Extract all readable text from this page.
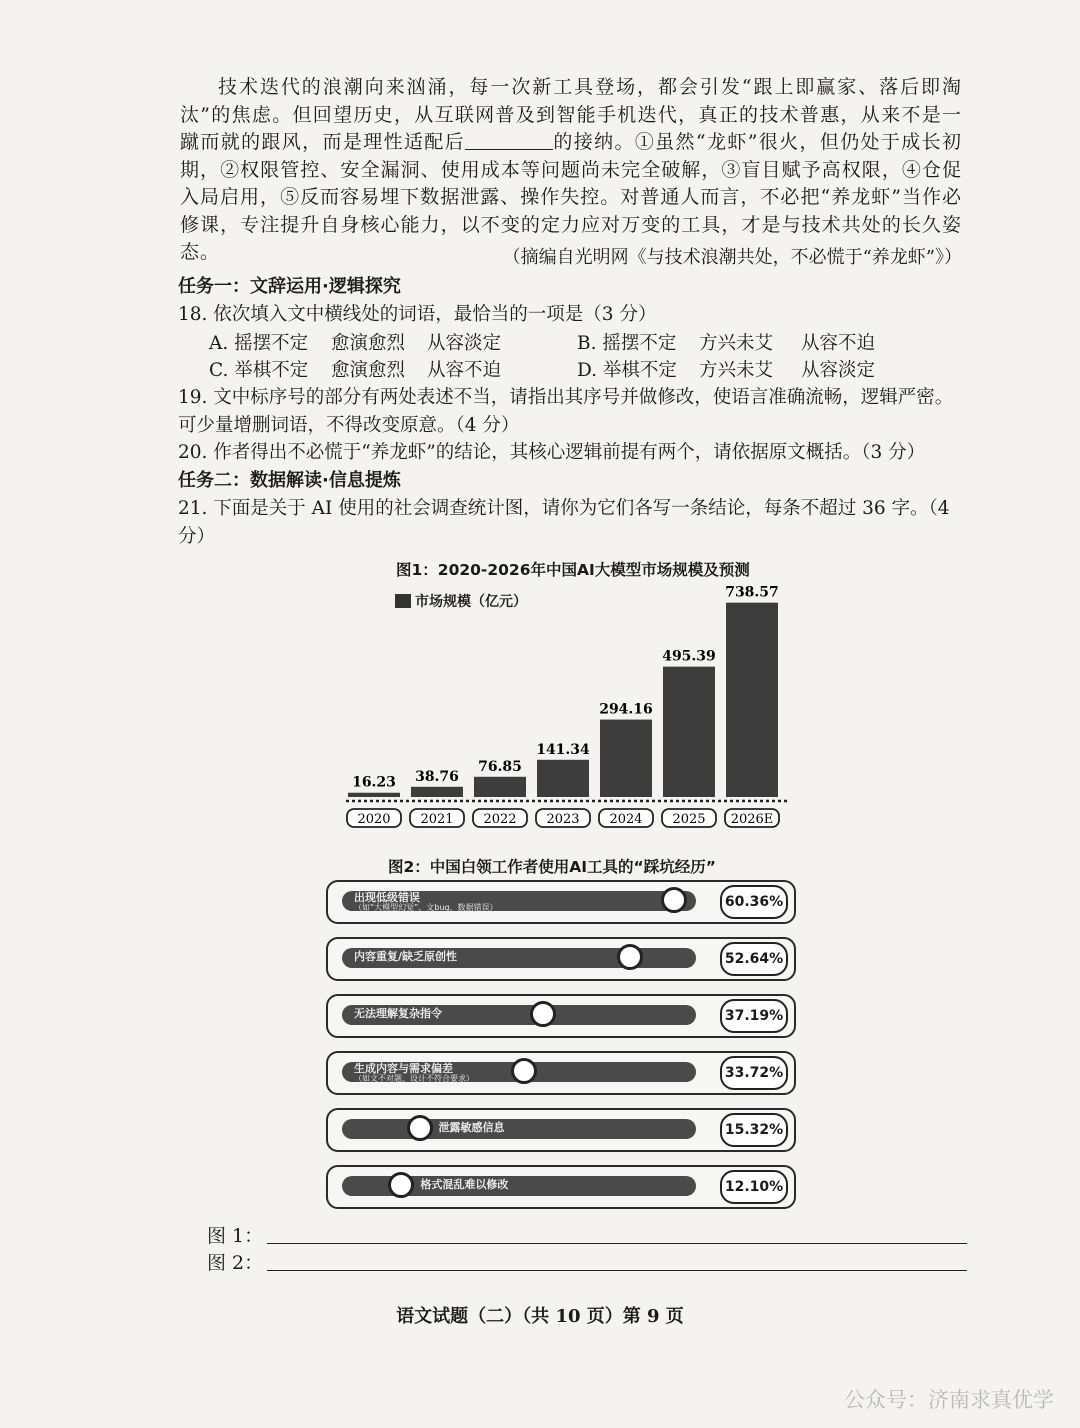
技术迭代的浪潮向来汹涌，每一次新工具登场，都会引发“跟上即赢家、落后即淘汰”的焦虑。但回望历史，从互联网普及到智能手机迭代，真正的技术普惠，从来不是一蹴而就的跟风，而是理性适配后	的接纳。①虽然“龙虾”很火，但仍处于成长初期，②权限管控、安全漏洞、使用成本等问题尚未完全破解，③盲目赋予高权限，④仓促入局启用，⑤反而容易埋下数据泄露、操作失控。对普通人而言，不必把“养龙虾”当作必修课，专注提升自身核心能力，以不变的定力应对万变的工具，才是与技术共处的长久姿态。	（摘编自光明网《与技术浪潮共处，不必慌于“养龙虾”》）
任务一：文辞运用·逻辑探究
18. 依次填入文中横线处的词语，最恰当的一项是（3 分）
A. 摇摆不定 愈演愈烈 从容淡定	B. 摇摆不定 方兴未艾 从容不迫
C. 举棋不定 愈演愈烈 从容不迫	D. 举棋不定 方兴未艾 从容淡定
19. 文中标序号的部分有两处表述不当，请指出其序号并做修改，使语言准确流畅，逻辑严密。可少量增删词语，不得改变原意。（4 分）
20. 作者得出不必慌于“养龙虾”的结论，其核心逻辑前提有两个，请依据原文概括。（3 分）
任务二：数据解读·信息提炼
21. 下面是关于 AI 使用的社会调查统计图，请你为它们各写一条结论，每条不超过 36 字。（4 分）
图1：2020-2026年中国AI大模型市场规模及预测
市场规模（亿元）
16.23
2020
38.76
2021
76.85
2022
141.34
2023
294.16
2024
495.39
2025
738.57
2026E
图2：中国白领工作者使用AI工具的“踩坑经历”
出现低级错误
（如“大模型幻觉”、文bug、数据错误）	60.36%
内容重复/缺乏原创性	52.64%
无法理解复杂指令	37.19%
生成内容与需求偏差
（如文不对题、设计不符合要求）	33.72%
泄露敏感信息	15.32%
格式混乱难以修改	12.10%
图 1：
图 2：
语文试题（二）（共 10 页）第 9 页
公众号：济南求真优学
